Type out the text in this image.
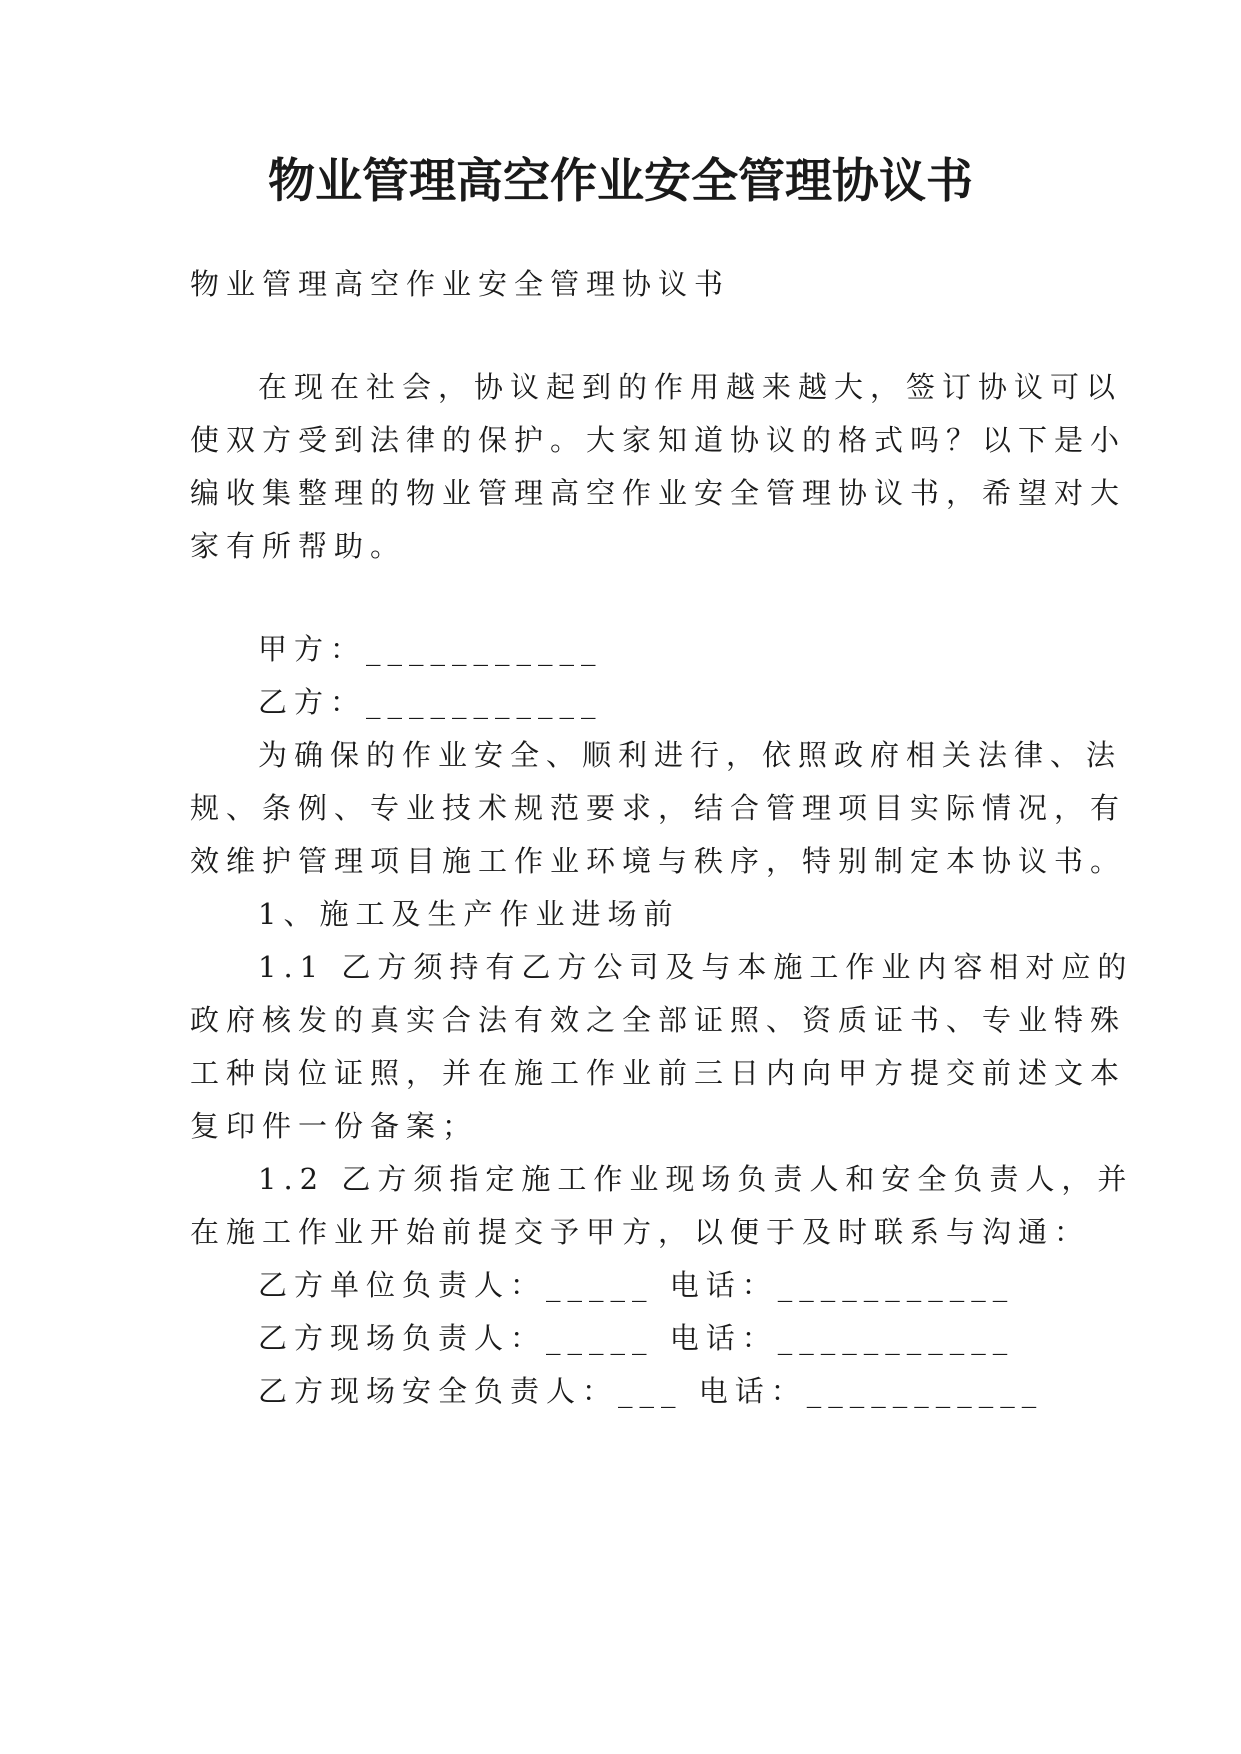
物业管理高空作业安全管理协议书

物业管理高空作业安全管理协议书

在现在社会，协议起到的作用越来越大，签订协议可以

使双方受到法律的保护。大家知道协议的格式吗？以下是小

编收集整理的物业管理高空作业安全管理协议书，希望对大

家有所帮助。

甲方：___________

乙方：___________

为确保的作业安全、顺利进行，依照政府相关法律、法

规、条例、专业技术规范要求，结合管理项目实际情况，有

效维护管理项目施工作业环境与秩序，特别制定本协议书。

1、施工及生产作业进场前

1.1 乙方须持有乙方公司及与本施工作业内容相对应的

政府核发的真实合法有效之全部证照、资质证书、专业特殊

工种岗位证照，并在施工作业前三日内向甲方提交前述文本

复印件一份备案；

1.2 乙方须指定施工作业现场负责人和安全负责人，并

在施工作业开始前提交予甲方，以便于及时联系与沟通：

乙方单位负责人：_____ 电话：___________

乙方现场负责人：_____ 电话：___________

乙方现场安全负责人：___ 电话：___________
